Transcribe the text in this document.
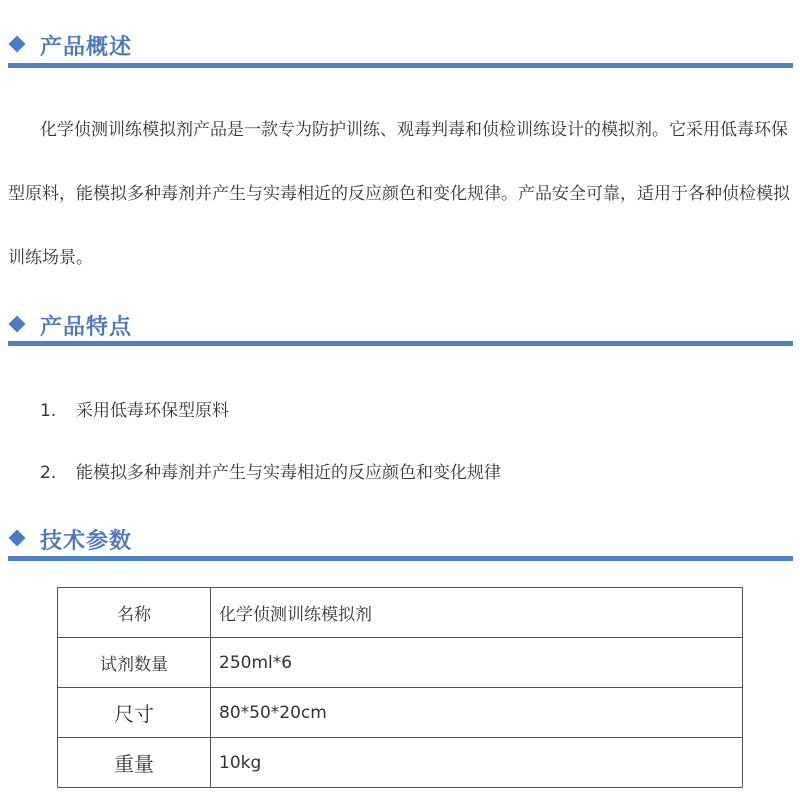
产品概述

化学侦测训练模拟剂产品是一款专为防护训练、观毒判毒和侦检训练设计的模拟剂。它采用低毒环保型原料，能模拟多种毒剂并产生与实毒相近的反应颜色和变化规律。产品安全可靠，适用于各种侦检模拟训练场景。

产品特点
1. 采用低毒环保型原料
2. 能模拟多种毒剂并产生与实毒相近的反应颜色和变化规律
技术参数
名称	化学侦测训练模拟剂
试剂数量	250ml*6
尺寸	80*50*20cm
重量	10kg
